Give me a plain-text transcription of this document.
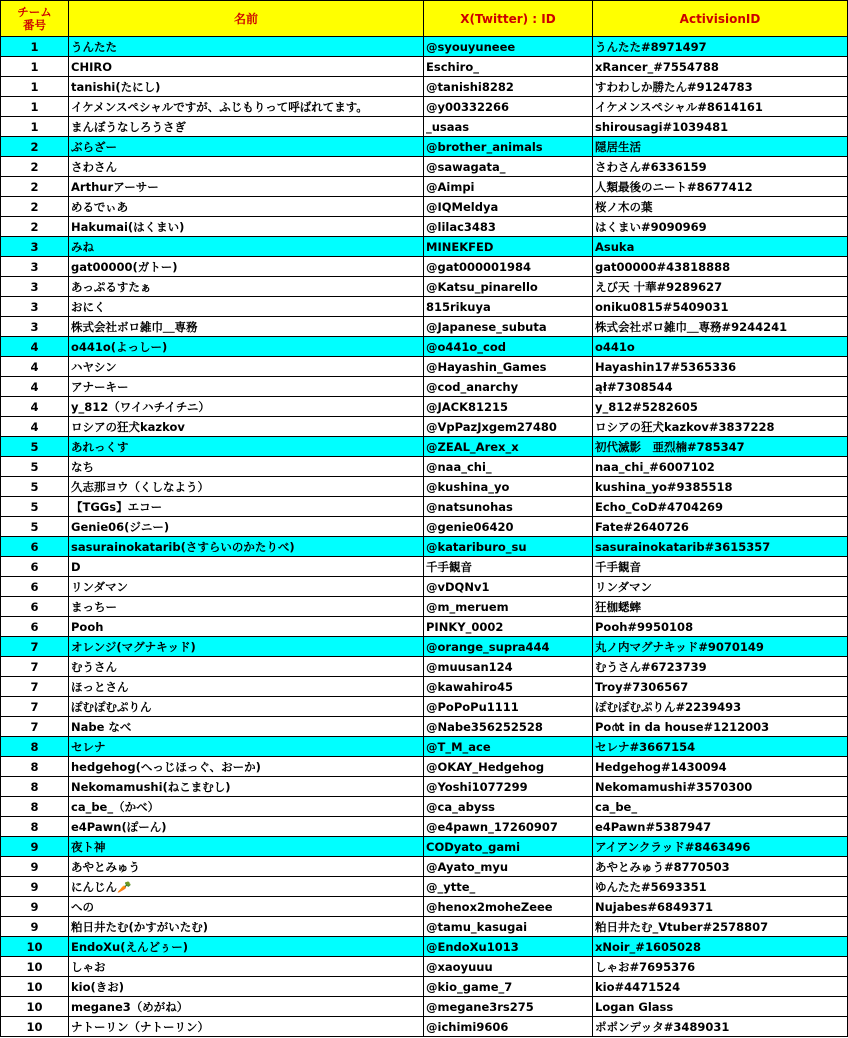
チーム
番号	名前	X(Twitter) : ID	ActivisionID
1	うんたた	@syouyuneee	うんたた#8971497
1	CHIRO	Eschiro_	xRancer_#7554788
1	tanishi(たにし)	@tanishi8282	すわわしか勝たん#9124783
1	イケメンスペシャルですが、ふじもりって呼ばれてます。	@y00332266	イケメンスペシャル#8614161
1	まんぼうなしろうさぎ	_usaas	shirousagi#1039481
2	ぶらざー	@brother_animals	隠居生活
2	さわさん	@sawagata_	さわさん#6336159
2	Arthurアーサー	@Aimpi	人類最後のニート#8677412
2	めるでぃあ	@IQMeldya	桜ノ木の葉
2	Hakumai(はくまい)	@lilac3483	はくまい#9090969
3	みね	MINEKFED	Asuka
3	gat00000(ガトー)	@gat000001984	gat00000#43818888
3	あっぷるすたぁ	@Katsu_pinarello	えび天 十華#9289627
3	おにく	815rikuya	oniku0815#5409031
3	株式会社ボロ雑巾＿専務	@Japanese_subuta	株式会社ボロ雑巾＿専務#9244241
4	o441o(よっしー)	@o441o_cod	o441o
4	ハヤシン	@Hayashin_Games	Hayashin17#5365336
4	アナーキー	@cod_anarchy	ął#7308544
4	y_812（ワイハチイチニ）	@JACK81215	y_812#5282605
4	ロシアの狂犬kazkov	@VpPazJxgem27480	ロシアの狂犬kazkov#3837228
5	あれっくす	@ZEAL_Arex_x	初代滅影　亜烈楠#785347
5	なち	@naa_chi_	naa_chi_#6007102
5	久志那ヨウ（くしなよう）	@kushina_yo	kushina_yo#9385518
5	【TGGs】エコー	@natsunohas	Echo_CoD#4704269
5	Genie06(ジニー)	@genie06420	Fate#2640726
6	sasurainokatarib(さすらいのかたりべ)	@katariburo_su	sasurainokatarib#3615357
6	D	千手観音	千手観音
6	リンダマン	@vDQNv1	リンダマン
6	まっちー	@m_meruem	狂枷蟋蟀
6	Pooh	PINKY_0002	Pooh#9950108
7	オレンジ(マグナキッド)	@orange_supra444	丸ノ内マグナキッド#9070149
7	むうさん	@muusan124	むうさん#6723739
7	ほっとさん	@kawahiro45	Troy#7306567
7	ぽむぽむぷりん	@PoPoPu1111	ぽむぽむぷりん#2239493
7	Nabe なべ	@Nabe356252528	Po൪t in da house#1212003
8	セレナ	@T_M_ace	セレナ#3667154
8	hedgehog(へっじほっぐ、おーか)	@OKAY_Hedgehog	Hedgehog#1430094
8	Nekomamushi(ねこまむし)	@Yoshi1077299	Nekomamushi#3570300
8	ca_be_（かべ）	@ca_abyss	ca_be_
8	e4Pawn(ぽーん)	@e4pawn_17260907	e4Pawn#5387947
9	夜ト神	CODyato_gami	アイアンクラッド#8463496
9	あやとみゅう	@Ayato_myu	あやとみゅう#8770503
9	にんじん🥕	@_ytte_	ゆんたた#5693351
9	への	@henox2moheZeee	Nujabes#6849371
9	粕日井たむ(かすがいたむ)	@tamu_kasugai	粕日井たむ_Vtuber#2578807
10	EndoXu(えんどぅー)	@EndoXu1013	xNoir_#1605028
10	しゃお	@xaoyuuu	しゃお#7695376
10	kio(きお)	@kio_game_7	kio#4471524
10	megane3（めがね）	@megane3rs275	Logan Glass
10	ナトーリン（ナトーリン）	@ichimi9606	ポポンデッタ#3489031
